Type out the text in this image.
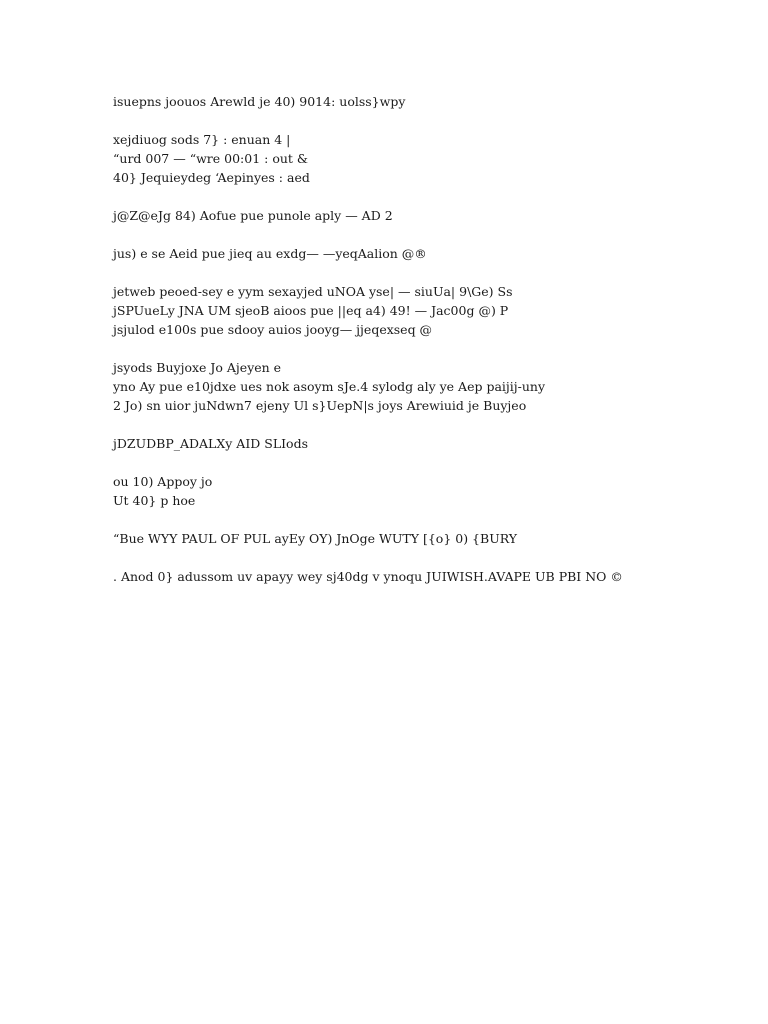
isuepns joouos Arewld je 40) 9014: uolss}wpy
xejdiuog sods 7} : enuan 4 |
“urd 007 — “wre 00:01 : out &
40} Jequieydeg ‘Aepinyes : aed
j@Z@eJg 84) Aofue pue punole aply — AD 2
jus) e se Aeid pue jieq au exdg— —yeqAalion @®
jetweb peoed-sey e yym sexayjed uNOA yse| — siuUa| 9\Ge) Ss
jSPUueLy JNA UM sjeoB aioos pue ||eq a4) 49! — Jac00g @) P
jsjulod e100s pue sdooy auios jooyg— jjeqexseq @
jsyods Buyjoxe Jo Ajeyen e
yno Ay pue e10jdxe ues nok asoym sJe.4 sylodg aly ye Aep paijij-uny
2 Jo) sn uior juNdwn7 ejeny Ul s}UepN|s joys Arewiuid je Buyjeo
jDZUDBP_ADALXy AID SLIods
ou 10) Appoy jo
Ut 40} p hoe
“Bue WYY PAUL OF PUL ayEy OY) JnOge WUTY [{o} 0) {BURY
. Anod 0} adussom uv apayy wey sj40dg v ynoqu JUIWISH.AVAPE UB PBI NO ©
